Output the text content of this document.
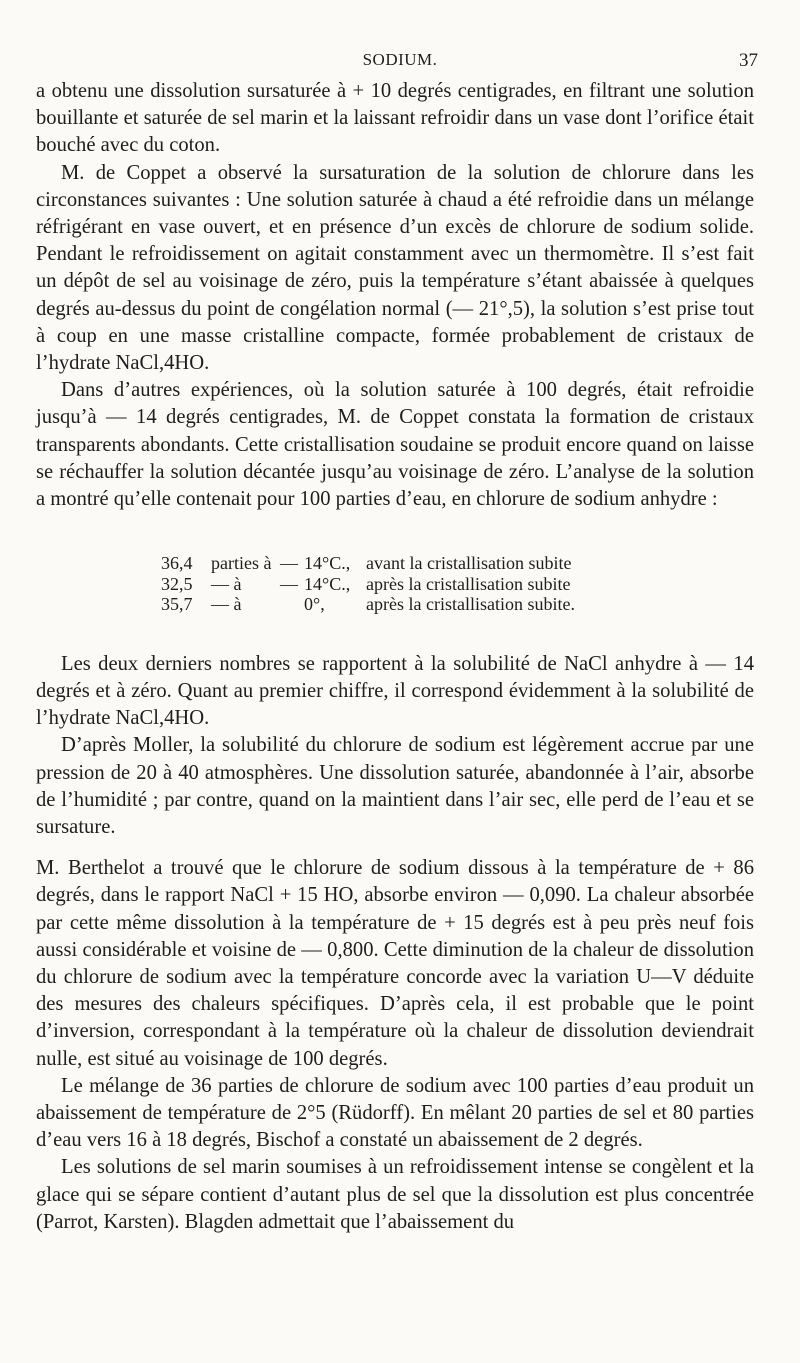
SODIUM.	37

a obtenu une dissolution sursaturée à + 10 degrés centigrades, en filtrant une solution bouillante et saturée de sel marin et la laissant refroidir dans un vase dont l’orifice était bouché avec du coton.

M. de Coppet a observé la sursaturation de la solution de chlorure dans les circonstances suivantes : Une solution saturée à chaud a été refroidie dans un mélange réfrigérant en vase ouvert, et en présence d’un excès de chlorure de sodium solide. Pendant le refroidissement on agitait constamment avec un thermomètre. Il s’est fait un dépôt de sel au voisinage de zéro, puis la température s’étant abaissée à quelques degrés au-dessus du point de congélation normal (— 21°,5), la solution s’est prise tout à coup en une masse cristalline compacte, formée probablement de cristaux de l’hydrate NaCl,4HO.

Dans d’autres expériences, où la solution saturée à 100 degrés, était refroidie jusqu’à — 14 degrés centigrades, M. de Coppet constata la formation de cristaux transparents abondants. Cette cristallisation soudaine se produit encore quand on laisse se réchauffer la solution décantée jusqu’au voisinage de zéro. L’analyse de la solution a montré qu’elle contenait pour 100 parties d’eau, en chlorure de sodium anhydre :

36,4	parties à	—	14°C.,	avant la cristallisation subite
32,5	— à	—	14°C.,	après la cristallisation subite
35,7	— à		0°,	après la cristallisation subite.

Les deux derniers nombres se rapportent à la solubilité de NaCl anhydre à — 14 degrés et à zéro. Quant au premier chiffre, il correspond évidemment à la solubilité de l’hydrate NaCl,4HO.

D’après Moller, la solubilité du chlorure de sodium est légèrement accrue par une pression de 20 à 40 atmosphères. Une dissolution saturée, abandonnée à l’air, absorbe de l’humidité ; par contre, quand on la maintient dans l’air sec, elle perd de l’eau et se sursature.

M. Berthelot a trouvé que le chlorure de sodium dissous à la température de + 86 degrés, dans le rapport NaCl + 15 HO, absorbe environ — 0,090. La chaleur absorbée par cette même dissolution à la température de + 15 degrés est à peu près neuf fois aussi considérable et voisine de — 0,800. Cette diminution de la chaleur de dissolution du chlorure de sodium avec la température concorde avec la variation U—V déduite des mesures des chaleurs spécifiques. D’après cela, il est probable que le point d’inversion, correspondant à la température où la chaleur de dissolution deviendrait nulle, est situé au voisinage de 100 degrés.

Le mélange de 36 parties de chlorure de sodium avec 100 parties d’eau produit un abaissement de température de 2°5 (Rüdorff). En mêlant 20 parties de sel et 80 parties d’eau vers 16 à 18 degrés, Bischof a constaté un abaissement de 2 degrés.

Les solutions de sel marin soumises à un refroidissement intense se congèlent et la glace qui se sépare contient d’autant plus de sel que la dissolution est plus concentrée (Parrot, Karsten). Blagden admettait que l’abaissement du
